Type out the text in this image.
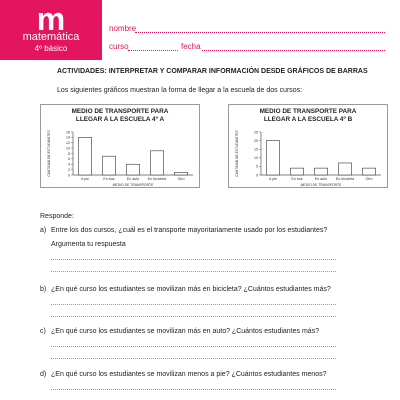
m
matemática
4º básico
nombre
curso	fecha
ACTIVIDADES: INTERPRETAR Y COMPARAR INFORMACIÓN DESDE GRÁFICOS DE BARRAS
Los siguientes gráficos muestran la forma de llegar a la escuela de dos cursos:
MEDIO DE TRANSPORTE PARA
LLEGAR A LA ESCUELA 4º A
0
2
4
6
8
10
12
14
16
A pie	En bus	En auto En bicicleta	Otro
MEDIO DE TRANSPORTE
CANTIDAD DE ESTUDIANTES
MEDIO DE TRANSPORTE PARA
LLEGAR A LA ESCUELA 4º B
0
5
10
15
20
25
A pie	En bus	En auto En bicicleta	Otro
MEDIO DE TRANSPORTE
CANTIDAD DE ESTUDIANTES
Responde:
a) Entre los dos cursos, ¿cuál es el transporte mayoritariamente usado por los estudiantes?
Argumenta tu respuesta
b) ¿En qué curso los estudiantes se movilizan más en bicicleta? ¿Cuántos estudiantes más?
c) ¿En qué curso los estudiantes se movilizan más en auto? ¿Cuántos estudiantes más?
d) ¿En qué curso los estudiantes se movilizan menos a pie? ¿Cuántos estudiantes menos?
